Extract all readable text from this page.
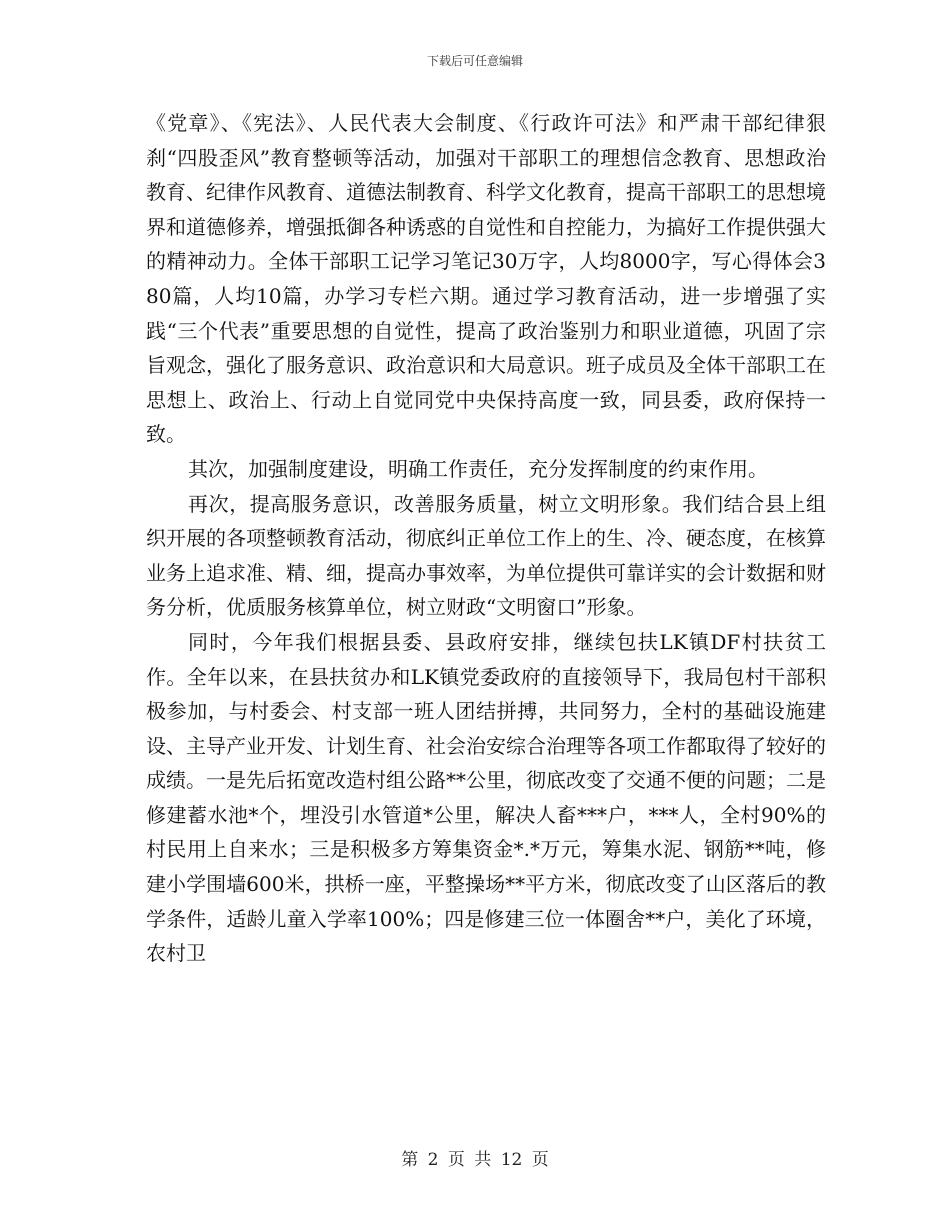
下载后可任意编辑

《党章》、《宪法》、人民代表大会制度、《行政许可法》和严肃干部纪律狠刹“四股歪风”教育整顿等活动，加强对干部职工的理想信念教育、思想政治教育、纪律作风教育、道德法制教育、科学文化教育，提高干部职工的思想境界和道德修养，增强抵御各种诱惑的自觉性和自控能力，为搞好工作提供强大的精神动力。全体干部职工记学习笔记30万字，人均8000字，写心得体会380篇，人均10篇，办学习专栏六期。通过学习教育活动，进一步增强了实践“三个代表”重要思想的自觉性，提高了政治鉴别力和职业道德，巩固了宗旨观念，强化了服务意识、政治意识和大局意识。班子成员及全体干部职工在思想上、政治上、行动上自觉同党中央保持高度一致，同县委，政府保持一致。

其次，加强制度建设，明确工作责任，充分发挥制度的约束作用。

再次，提高服务意识，改善服务质量，树立文明形象。我们结合县上组织开展的各项整顿教育活动，彻底纠正单位工作上的生、冷、硬态度，在核算业务上追求准、精、细，提高办事效率，为单位提供可靠详实的会计数据和财务分析，优质服务核算单位，树立财政“文明窗口”形象。

同时，今年我们根据县委、县政府安排，继续包扶LK镇DF村扶贫工作。全年以来，在县扶贫办和LK镇党委政府的直接领导下，我局包村干部积极参加，与村委会、村支部一班人团结拼搏，共同努力，全村的基础设施建设、主导产业开发、计划生育、社会治安综合治理等各项工作都取得了较好的成绩。一是先后拓宽改造村组公路**公里，彻底改变了交通不便的问题；二是修建蓄水池*个，埋没引水管道*公里，解决人畜***户，***人，全村90%的村民用上自来水；三是积极多方筹集资金*.*万元，筹集水泥、钢筋**吨，修建小学围墙600米，拱桥一座，平整操场**平方米，彻底改变了山区落后的教学条件，适龄儿童入学率100%；四是修建三位一体圈舍**户，美化了环境，农村卫

第 2 页 共 12 页
